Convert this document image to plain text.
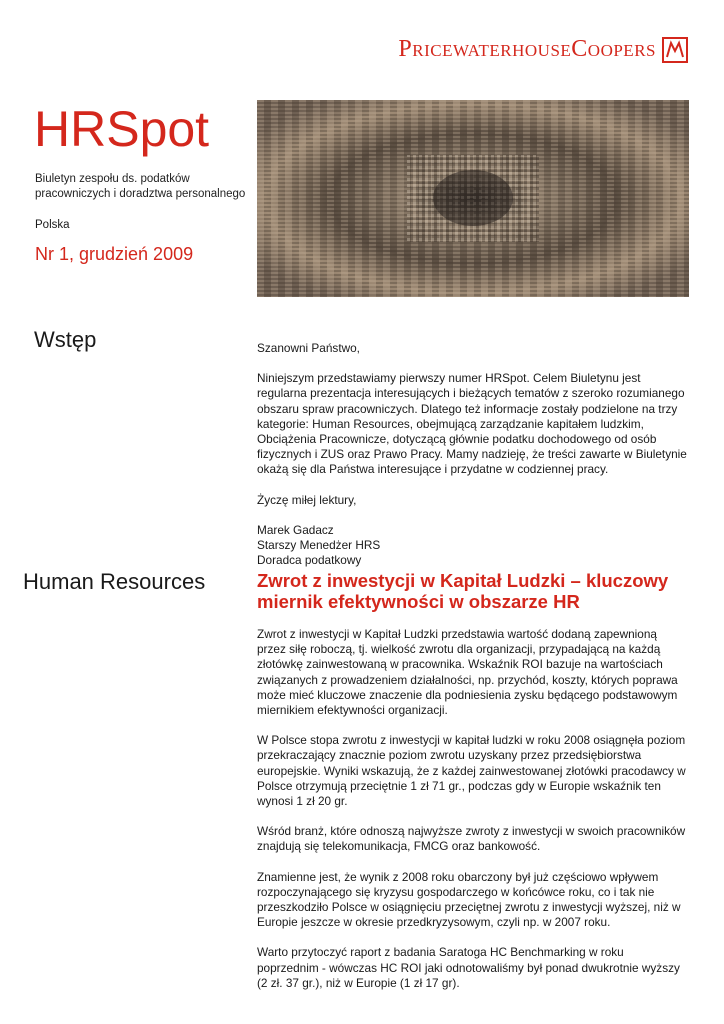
PricewaterhouseCoopers
HRSpot
Biuletyn zespołu ds. podatków pracowniczych i doradztwa personalnego
Polska
Nr 1, grudzień 2009
Wstęp	Szanowni Państwo,

Niniejszym przedstawiamy pierwszy numer HRSpot. Celem Biuletynu jest regularna prezentacja interesujących i bieżących tematów z szeroko rozumianego obszaru spraw pracowniczych. Dlatego też informacje zostały podzielone na trzy kategorie: Human Resources, obejmującą zarządzanie kapitałem ludzkim, Obciążenia Pracownicze, dotyczącą głównie podatku dochodowego od osób fizycznych i ZUS oraz Prawo Pracy. Mamy nadzieję, że treści zawarte w Biuletynie okażą się dla Państwa interesujące i przydatne w codziennej pracy.

Życzę miłej lektury,

Marek Gadacz

Starszy Menedżer HRS

Doradca podatkowy

Human Resources	Zwrot z inwestycji w Kapitał Ludzki – kluczowy miernik efektywności w obszarze HR

Zwrot z inwestycji w Kapitał Ludzki przedstawia wartość dodaną zapewnioną przez siłę roboczą, tj. wielkość zwrotu dla organizacji, przypadającą na każdą złotówkę zainwestowaną w pracownika. Wskaźnik ROI bazuje na wartościach związanych z prowadzeniem działalności, np. przychód, koszty, których poprawa może mieć kluczowe znaczenie dla podniesienia zysku będącego podstawowym miernikiem efektywności organizacji.

W Polsce stopa zwrotu z inwestycji w kapitał ludzki w roku 2008 osiągnęła poziom przekraczający znacznie poziom zwrotu uzyskany przez przedsiębiorstwa europejskie. Wyniki wskazują, że z każdej zainwestowanej złotówki pracodawcy w Polsce otrzymują przeciętnie 1 zł 71 gr., podczas gdy w Europie wskaźnik ten wynosi 1 zł 20 gr.

Wśród branż, które odnoszą najwyższe zwroty z inwestycji w swoich pracowników znajdują się telekomunikacja, FMCG oraz bankowość.

Znamienne jest, że wynik z 2008 roku obarczony był już częściowo wpływem rozpoczynającego się kryzysu gospodarczego w końcówce roku, co i tak nie przeszkodziło Polsce w osiągnięciu przeciętnej zwrotu z inwestycji wyższej, niż w Europie jeszcze w okresie przedkryzysowym, czyli np. w 2007 roku.

Warto przytoczyć raport z badania Saratoga HC Benchmarking w roku poprzednim - wówczas HC ROI jaki odnotowaliśmy był ponad dwukrotnie wyższy (2 zł. 37 gr.), niż w Europie (1 zł 17 gr).
